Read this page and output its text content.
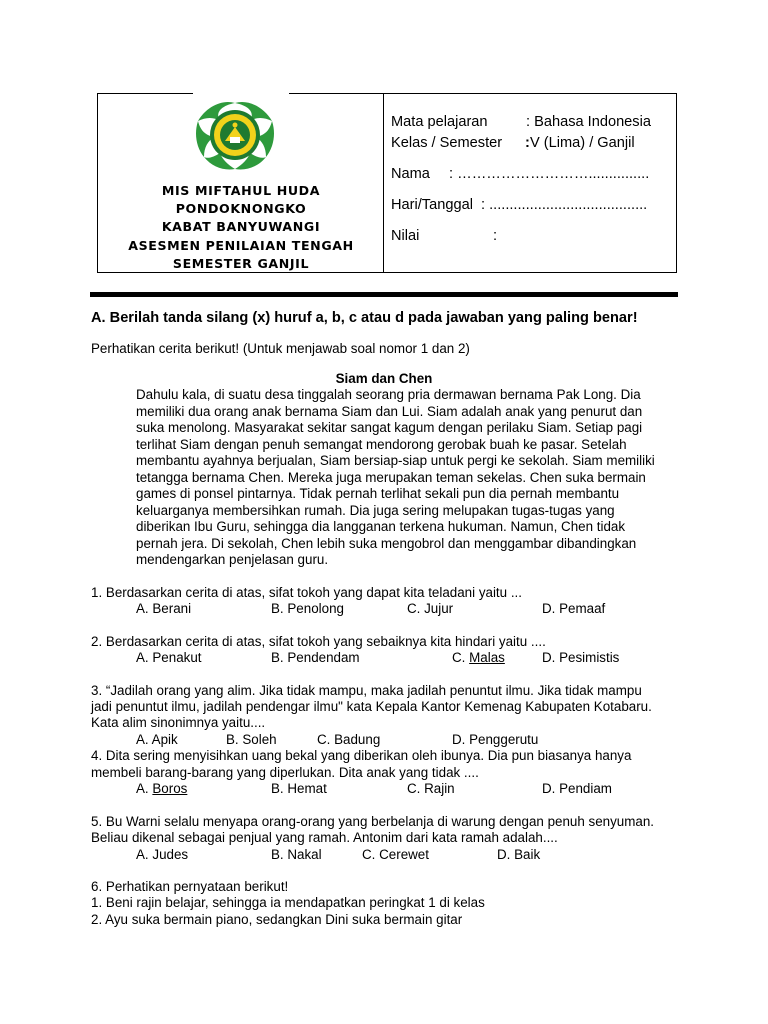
MIS MIFTAHUL HUDA
PONDOKNONGKO
KABAT BANYUWANGI
ASESMEN PENILAIAN TENGAH
SEMESTER GANJIL
Mata pelajaran	: Bahasa Indonesia
Kelas / Semester : V (Lima) / Ganjil
Nama : ………………………...............
Hari/Tanggal : .......................................
Nilai	:
A. Berilah tanda silang (x) huruf a, b, c atau d pada jawaban yang paling benar!
Perhatikan cerita berikut! (Untuk menjawab soal nomor 1 dan 2)
Siam dan Chen
Dahulu kala, di suatu desa tinggalah seorang pria dermawan bernama Pak Long. Dia
memiliki dua orang anak bernama Siam dan Lui. Siam adalah anak yang penurut dan
suka menolong. Masyarakat sekitar sangat kagum dengan perilaku Siam. Setiap pagi
terlihat Siam dengan penuh semangat mendorong gerobak buah ke pasar. Setelah
membantu ayahnya berjualan, Siam bersiap-siap untuk pergi ke sekolah. Siam memiliki
tetangga bernama Chen. Mereka juga merupakan teman sekelas. Chen suka bermain
games di ponsel pintarnya. Tidak pernah terlihat sekali pun dia pernah membantu
keluarganya membersihkan rumah. Dia juga sering melupakan tugas-tugas yang
diberikan Ibu Guru, sehingga dia langganan terkena hukuman. Namun, Chen tidak
pernah jera. Di sekolah, Chen lebih suka mengobrol dan menggambar dibandingkan
mendengarkan penjelasan guru.
1. Berdasarkan cerita di atas, sifat tokoh yang dapat kita teladani yaitu ...
A. Berani	B. Penolong	C. Jujur	D. Pemaaf
2. Berdasarkan cerita di atas, sifat tokoh yang sebaiknya kita hindari yaitu ....
A. Penakut	B. Pendendam	C. Malas	D. Pesimistis
3. “Jadilah orang yang alim. Jika tidak mampu, maka jadilah penuntut ilmu. Jika tidak mampu
jadi penuntut ilmu, jadilah pendengar ilmu" kata Kepala Kantor Kemenag Kabupaten Kotabaru.
Kata alim sinonimnya yaitu....
A. Apik	B. Soleh	C. Badung	D. Penggerutu
4. Dita sering menyisihkan uang bekal yang diberikan oleh ibunya. Dia pun biasanya hanya
membeli barang-barang yang diperlukan. Dita anak yang tidak ....
A. Boros	B. Hemat	C. Rajin	D. Pendiam
5. Bu Warni selalu menyapa orang-orang yang berbelanja di warung dengan penuh senyuman.
Beliau dikenal sebagai penjual yang ramah. Antonim dari kata ramah adalah....
A. Judes	B. Nakal	C. Cerewet	D. Baik
6. Perhatikan pernyataan berikut!
1. Beni rajin belajar, sehingga ia mendapatkan peringkat 1 di kelas
2. Ayu suka bermain piano, sedangkan Dini suka bermain gitar
